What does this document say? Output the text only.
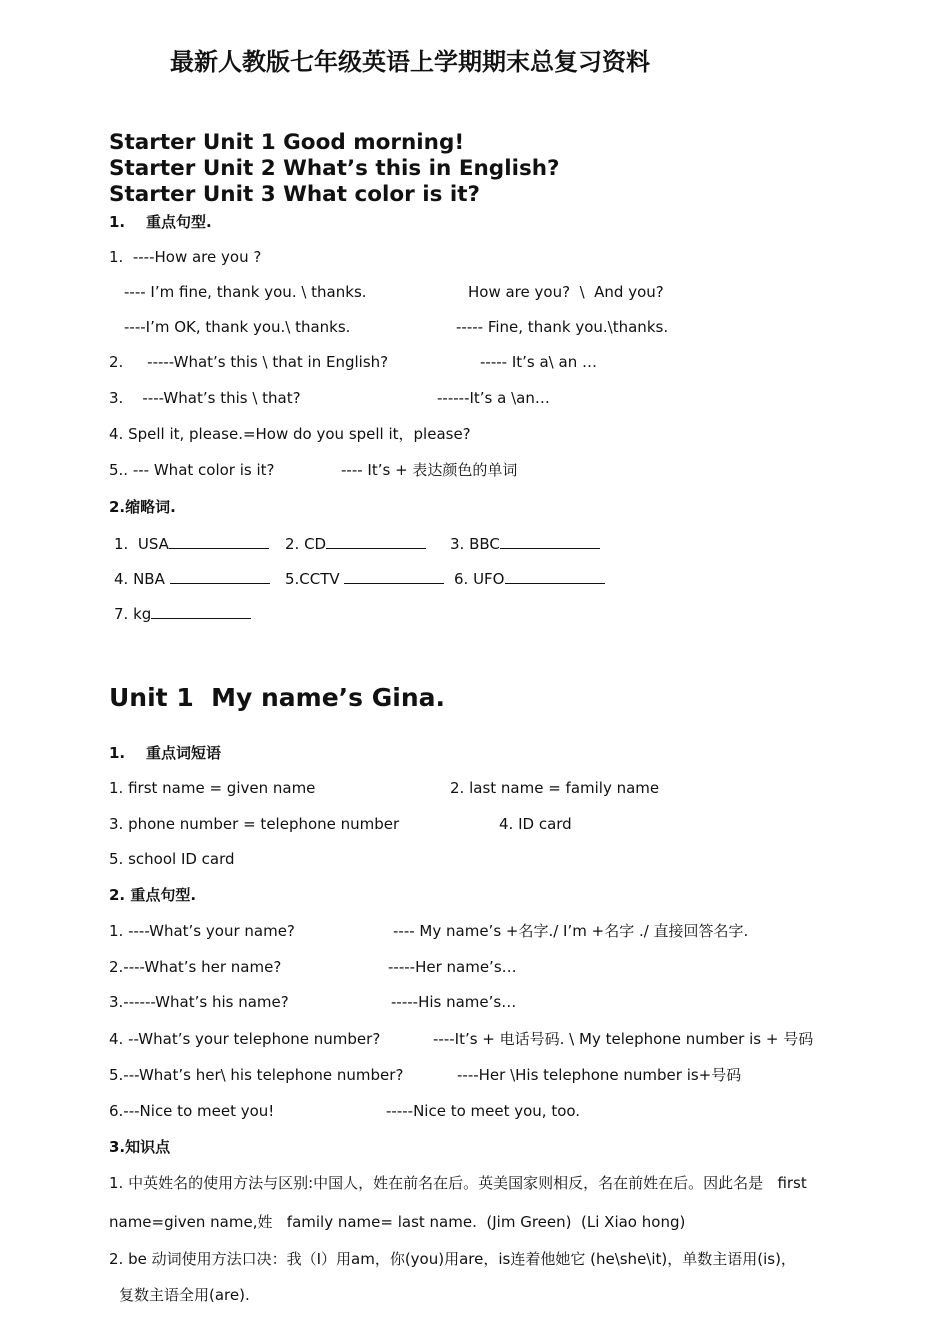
最新人教版七年级英语上学期期末总复习资料
Starter Unit 1 Good morning!
Starter Unit 2 What’s this in English?
Starter Unit 3 What color is it?
1.    重点句型.
1.  ----How are you ?
---- I’m fine, thank you. \ thanks.	How are you?  \  And you?
----I’m OK, thank you.\ thanks.	----- Fine, thank you.\thanks.
2.     -----What’s this \ that in English?	----- It’s a\ an …
3.    ----What’s this \ that?	------It’s a \an…
4. Spell it, please.=How do you spell it，please?
5.. --- What color is it?	---- It’s + 表达颜色的单词
2.缩略词.
1.  USA	2. CD	3. BBC
4. NBA	5.CCTV	6. UFO
7. kg
Unit 1  My name’s Gina.
1.    重点词短语
1. first name = given name	2. last name = family name
3. phone number = telephone number	4. ID card
5. school ID card
2. 重点句型.
1. ----What’s your name?	---- My name’s +名字./ I’m +名字 ./ 直接回答名字.
2.----What’s her name?	-----Her name’s…
3.------What’s his name?	-----His name’s…
4. --What’s your telephone number?	----It’s + 电话号码. \ My telephone number is + 号码
5.---What’s her\ his telephone number?	----Her \His telephone number is+号码
6.---Nice to meet you!	-----Nice to meet you, too.
3.知识点
1. 中英姓名的使用方法与区别:中国人，姓在前名在后。英美国家则相反，名在前姓在后。因此名是   first
name=given name,姓   family name= last name.  (Jim Green)  (Li Xiao hong)
2. be 动词使用方法口决：我（I）用am，你(you)用are，is连着他她它 (he\she\it)，单数主语用(is)，
复数主语全用(are).
